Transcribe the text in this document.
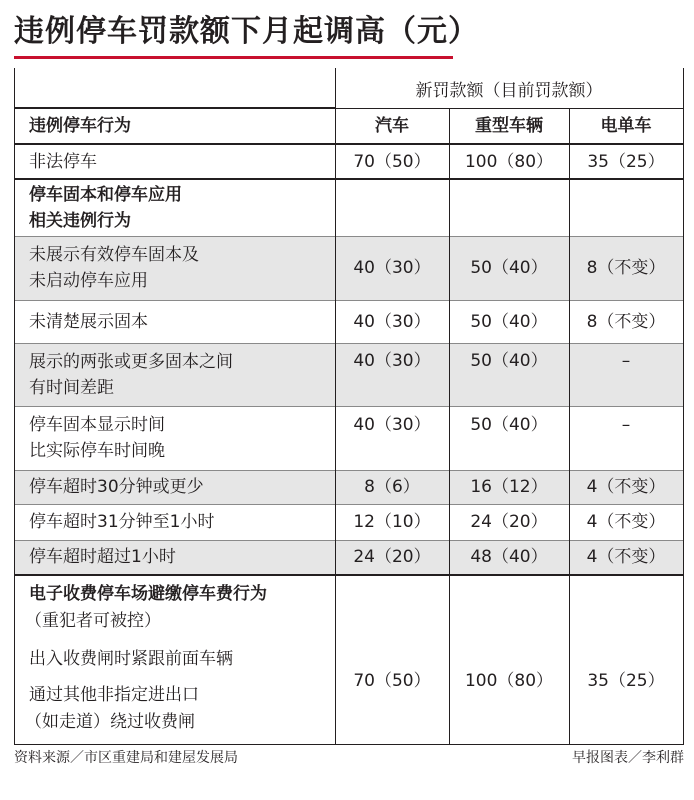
违例停车罚款额下月起调高（元）
新罚款额（目前罚款额）
违例停车行为	汽车	重型车辆	电单车
非法停车	70（50）	100（80）	35（25）
停车固本和停车应用
相关违例行为
未展示有效停车固本及
未启动停车应用
40（30）	50（40）	8（不变）
未清楚展示固本	40（30）	50（40）	8（不变）
展示的两张或更多固本之间
有时间差距
40（30）	50（40）	–
停车固本显示时间
比实际停车时间晚
40（30）	50（40）	–
停车超时30分钟或更少	8（6）	16（12）	4（不变）
停车超时31分钟至1小时	12（10）	24（20）	4（不变）
停车超时超过1小时	24（20）	48（40）	4（不变）
电子收费停车场避缴停车费行为
（重犯者可被控）
出入收费闸时紧跟前面车辆
通过其他非指定进出口
（如走道）绕过收费闸
70（50）	100（80）	35（25）
资料来源／市区重建局和建屋发展局	早报图表／李利群
